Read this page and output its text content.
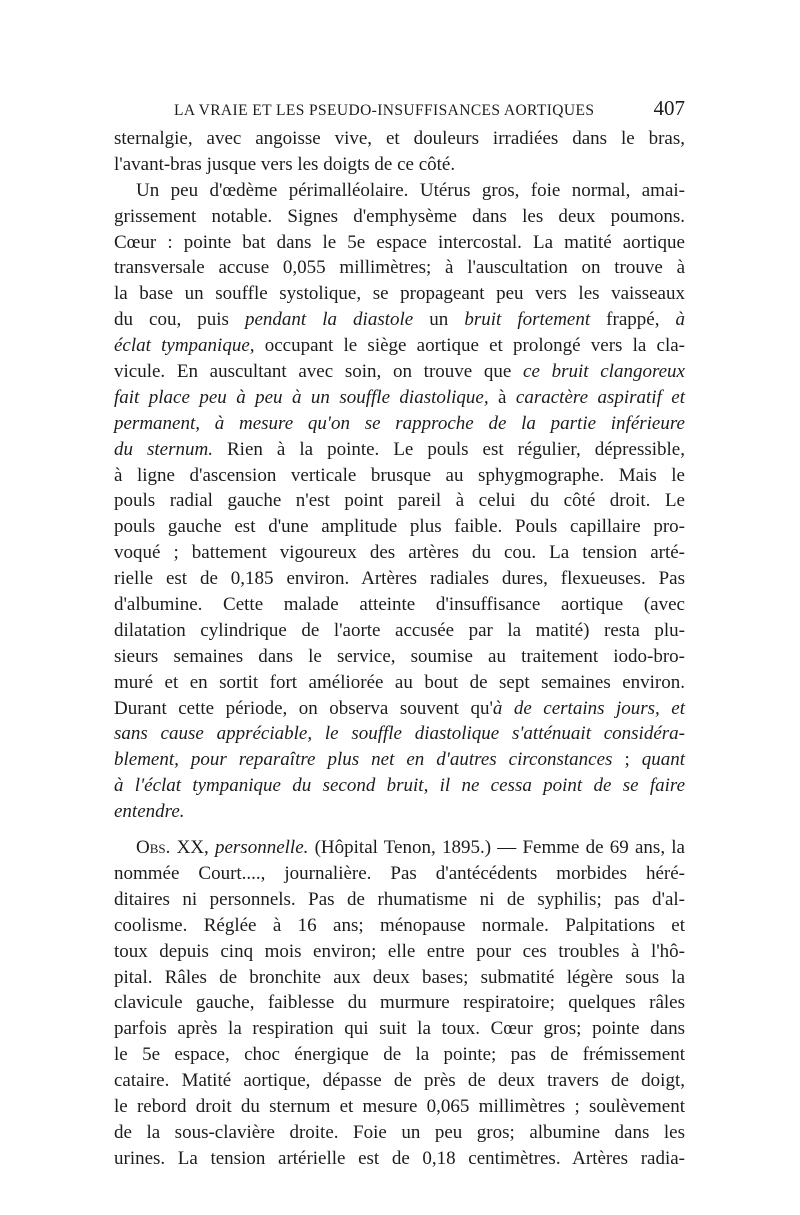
LA VRAIE ET LES PSEUDO-INSUFFISANCES AORTIQUES	407
sternalgie, avec angoisse vive, et douleurs irradiées dans le bras,
l'avant-bras jusque vers les doigts de ce côté.
Un peu d'œdème périmalléolaire. Utérus gros, foie normal, amai-
grissement notable. Signes d'emphysème dans les deux poumons.
Cœur : pointe bat dans le 5e espace intercostal. La matité aortique
transversale accuse 0,055 millimètres; à l'auscultation on trouve à
la base un souffle systolique, se propageant peu vers les vaisseaux
du cou, puis pendant la diastole un bruit fortement frappé, à
éclat tympanique, occupant le siège aortique et prolongé vers la cla-
vicule. En auscultant avec soin, on trouve que ce bruit clangoreux
fait place peu à peu à un souffle diastolique, à caractère aspiratif et
permanent, à mesure qu'on se rapproche de la partie inférieure
du sternum. Rien à la pointe. Le pouls est régulier, dépressible,
à ligne d'ascension verticale brusque au sphygmographe. Mais le
pouls radial gauche n'est point pareil à celui du côté droit. Le
pouls gauche est d'une amplitude plus faible. Pouls capillaire pro-
voqué ; battement vigoureux des artères du cou. La tension arté-
rielle est de 0,185 environ. Artères radiales dures, flexueuses. Pas
d'albumine. Cette malade atteinte d'insuffisance aortique (avec
dilatation cylindrique de l'aorte accusée par la matité) resta plu-
sieurs semaines dans le service, soumise au traitement iodo-bro-
muré et en sortit fort améliorée au bout de sept semaines environ.
Durant cette période, on observa souvent qu'à de certains jours, et
sans cause appréciable, le souffle diastolique s'atténuait considéra-
blement, pour reparaître plus net en d'autres circonstances ; quant
à l'éclat tympanique du second bruit, il ne cessa point de se faire
entendre.
Obs. XX, personnelle. (Hôpital Tenon, 1895.) — Femme de 69 ans, la
nommée Court...., journalière. Pas d'antécédents morbides héré-
ditaires ni personnels. Pas de rhumatisme ni de syphilis; pas d'al-
coolisme. Réglée à 16 ans; ménopause normale. Palpitations et
toux depuis cinq mois environ; elle entre pour ces troubles à l'hô-
pital. Râles de bronchite aux deux bases; submatité légère sous la
clavicule gauche, faiblesse du murmure respiratoire; quelques râles
parfois après la respiration qui suit la toux. Cœur gros; pointe dans
le 5e espace, choc énergique de la pointe; pas de frémissement
cataire. Matité aortique, dépasse de près de deux travers de doigt,
le rebord droit du sternum et mesure 0,065 millimètres ; soulèvement
de la sous-clavière droite. Foie un peu gros; albumine dans les
urines. La tension artérielle est de 0,18 centimètres. Artères radia-
